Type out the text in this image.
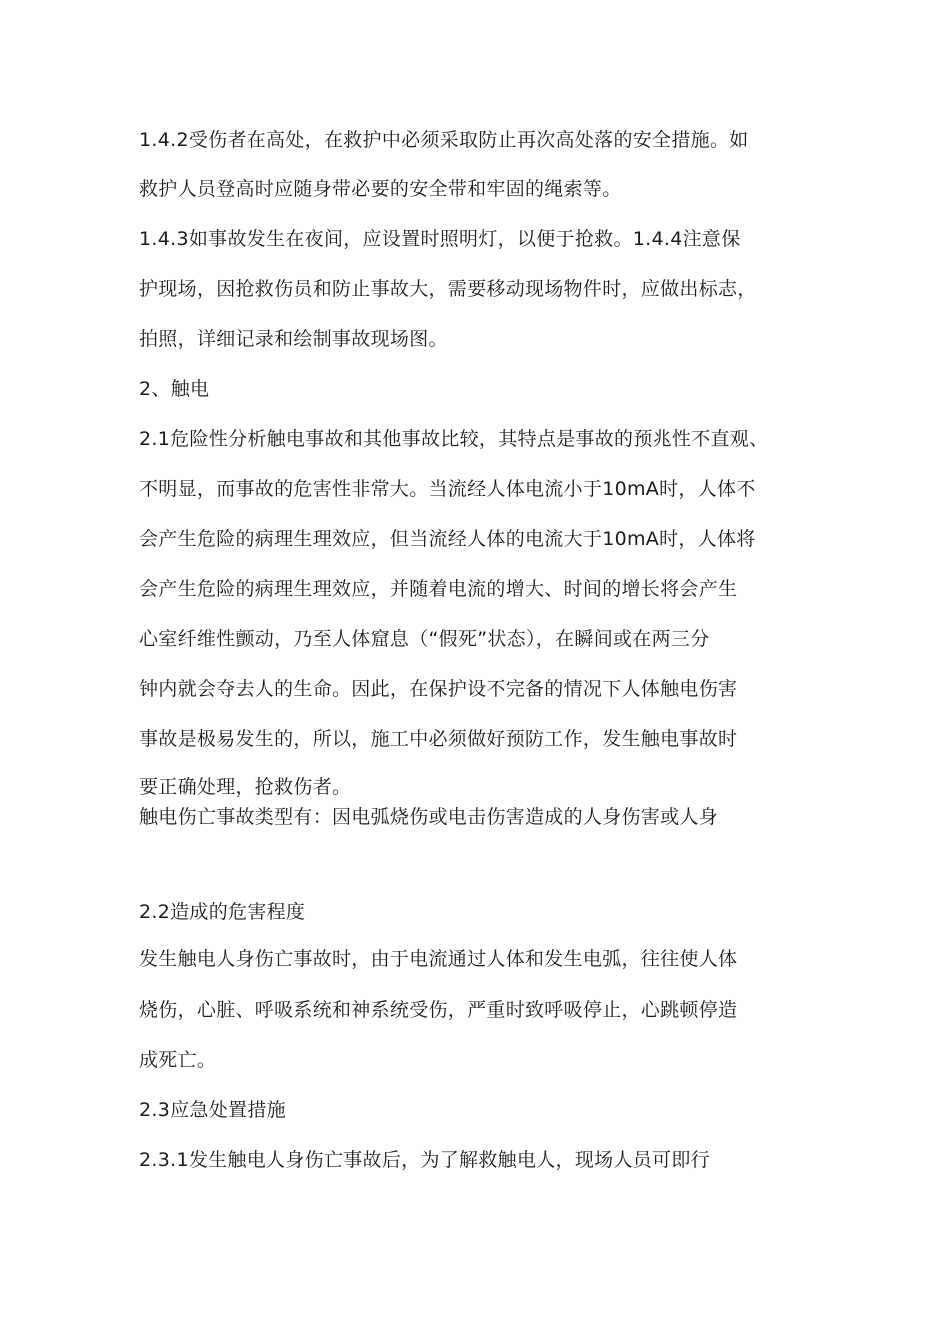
1.4.2受伤者在高处，在救护中必须采取防止再次高处落的安全措施。如
救护人员登高时应随身带必要的安全带和牢固的绳索等。
1.4.3如事故发生在夜间，应设置时照明灯，以便于抢救。1.4.4注意保
护现场，因抢救伤员和防止事故大，需要移动现场物件时，应做出标志，
拍照，详细记录和绘制事故现场图。
2、触电
2.1危险性分析触电事故和其他事故比较，其特点是事故的预兆性不直观、
不明显，而事故的危害性非常大。当流经人体电流小于10mA时，人体不
会产生危险的病理生理效应，但当流经人体的电流大于10mA时，人体将
会产生危险的病理生理效应，并随着电流的增大、时间的增长将会产生
心室纤维性颤动，乃至人体窟息（“假死”状态），在瞬间或在两三分
钟内就会夺去人的生命。因此，在保护设不完备的情况下人体触电伤害
事故是极易发生的，所以，施工中必须做好预防工作，发生触电事故时
要正确处理，抢救伤者。
触电伤亡事故类型有：因电弧烧伤或电击伤害造成的人身伤害或人身
2.2造成的危害程度
发生触电人身伤亡事故时，由于电流通过人体和发生电弧，往往使人体
烧伤，心脏、呼吸系统和神系统受伤，严重时致呼吸停止，心跳顿停造
成死亡。
2.3应急处置措施
2.3.1发生触电人身伤亡事故后，为了解救触电人，现场人员可即行
